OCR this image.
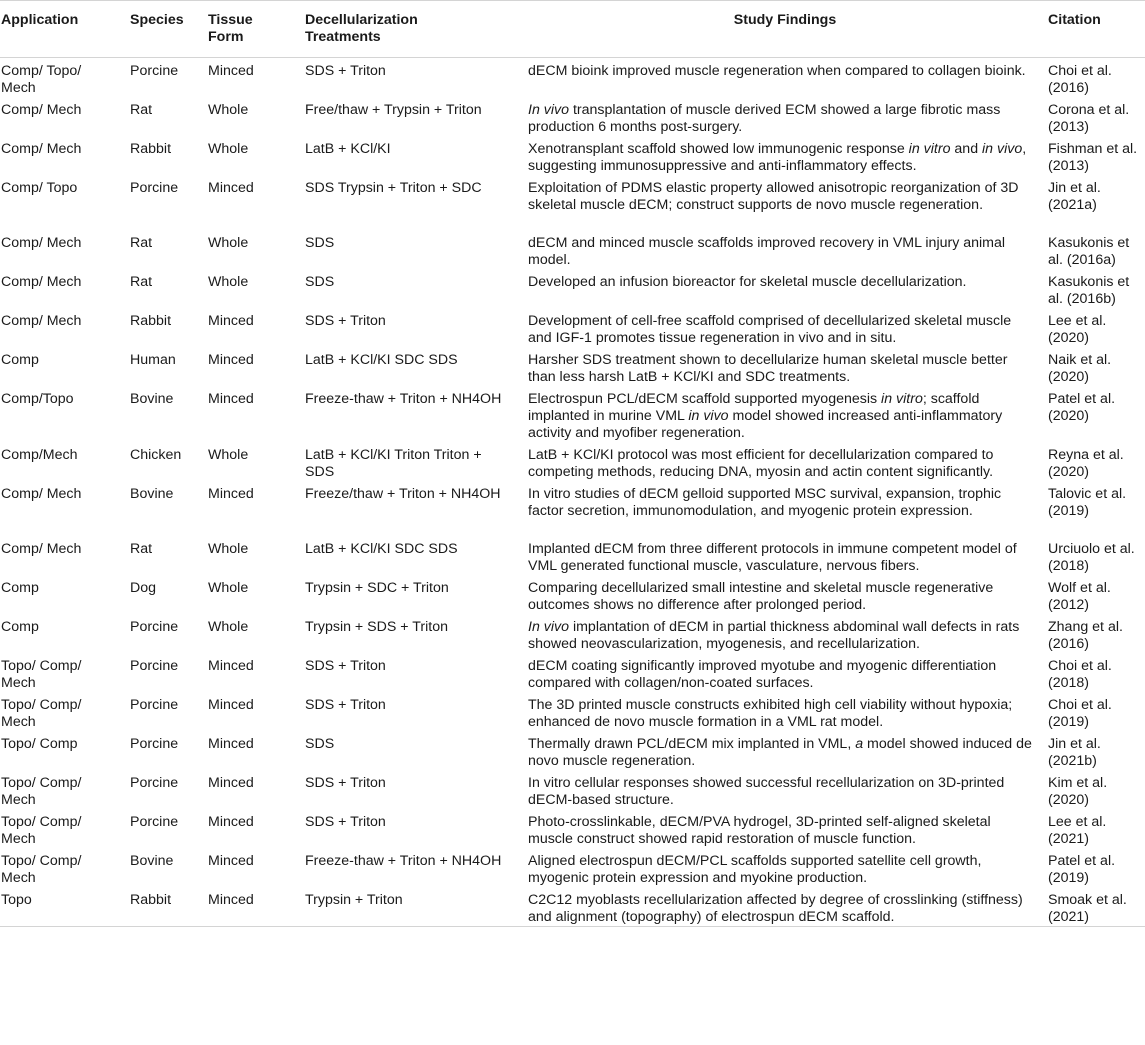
Application	Species	Tissue Form	Decellularization Treatments	Study Findings	Citation
Comp/ Topo/ Mech	Porcine	Minced	SDS + Triton	dECM bioink improved muscle regeneration when compared to collagen bioink.	Choi et al. (2016)
Comp/ Mech	Rat	Whole	Free/thaw + Trypsin + Triton	In vivo transplantation of muscle derived ECM showed a large fibrotic mass production 6 months post-surgery.	Corona et al. (2013)
Comp/ Mech	Rabbit	Whole	LatB + KCl/KI	Xenotransplant scaffold showed low immunogenic response in vitro and in vivo, suggesting immunosuppressive and anti-inflammatory effects.	Fishman et al. (2013)
Comp/ Topo	Porcine	Minced	SDS Trypsin + Triton + SDC	Exploitation of PDMS elastic property allowed anisotropic reorganization of 3D skeletal muscle dECM; construct supports de novo muscle regeneration.	Jin et al. (2021a)
Comp/ Mech	Rat	Whole	SDS	dECM and minced muscle scaffolds improved recovery in VML injury animal model.	Kasukonis et al. (2016a)
Comp/ Mech	Rat	Whole	SDS	Developed an infusion bioreactor for skeletal muscle decellularization.	Kasukonis et al. (2016b)
Comp/ Mech	Rabbit	Minced	SDS + Triton	Development of cell-free scaffold comprised of decellularized skeletal muscle and IGF-1 promotes tissue regeneration in vivo and in situ.	Lee et al. (2020)
Comp	Human	Minced	LatB + KCl/KI SDC SDS	Harsher SDS treatment shown to decellularize human skeletal muscle better than less harsh LatB + KCl/KI and SDC treatments.	Naik et al. (2020)
Comp/Topo	Bovine	Minced	Freeze-thaw + Triton + NH4OH	Electrospun PCL/dECM scaffold supported myogenesis in vitro; scaffold implanted in murine VML in vivo model showed increased anti-inflammatory activity and myofiber regeneration.	Patel et al. (2020)
Comp/Mech	Chicken	Whole	LatB + KCl/KI Triton Triton + SDS	LatB + KCl/KI protocol was most efficient for decellularization compared to competing methods, reducing DNA, myosin and actin content significantly.	Reyna et al. (2020)
Comp/ Mech	Bovine	Minced	Freeze/thaw + Triton + NH4OH	In vitro studies of dECM gelloid supported MSC survival, expansion, trophic factor secretion, immunomodulation, and myogenic protein expression.	Talovic et al. (2019)
Comp/ Mech	Rat	Whole	LatB + KCl/KI SDC SDS	Implanted dECM from three different protocols in immune competent model of VML generated functional muscle, vasculature, nervous fibers.	Urciuolo et al. (2018)
Comp	Dog	Whole	Trypsin + SDC + Triton	Comparing decellularized small intestine and skeletal muscle regenerative outcomes shows no difference after prolonged period.	Wolf et al. (2012)
Comp	Porcine	Whole	Trypsin + SDS + Triton	In vivo implantation of dECM in partial thickness abdominal wall defects in rats showed neovascularization, myogenesis, and recellularization.	Zhang et al. (2016)
Topo/ Comp/ Mech	Porcine	Minced	SDS + Triton	dECM coating significantly improved myotube and myogenic differentiation compared with collagen/non-coated surfaces.	Choi et al. (2018)
Topo/ Comp/ Mech	Porcine	Minced	SDS + Triton	The 3D printed muscle constructs exhibited high cell viability without hypoxia; enhanced de novo muscle formation in a VML rat model.	Choi et al. (2019)
Topo/ Comp	Porcine	Minced	SDS	Thermally drawn PCL/dECM mix implanted in VML, a model showed induced de novo muscle regeneration.	Jin et al. (2021b)
Topo/ Comp/ Mech	Porcine	Minced	SDS + Triton	In vitro cellular responses showed successful recellularization on 3D-printed dECM-based structure.	Kim et al. (2020)
Topo/ Comp/ Mech	Porcine	Minced	SDS + Triton	Photo-crosslinkable, dECM/PVA hydrogel, 3D-printed self-aligned skeletal muscle construct showed rapid restoration of muscle function.	Lee et al. (2021)
Topo/ Comp/ Mech	Bovine	Minced	Freeze-thaw + Triton + NH4OH	Aligned electrospun dECM/PCL scaffolds supported satellite cell growth, myogenic protein expression and myokine production.	Patel et al. (2019)
Topo	Rabbit	Minced	Trypsin + Triton	C2C12 myoblasts recellularization affected by degree of crosslinking (stiffness) and alignment (topography) of electrospun dECM scaffold.	Smoak et al. (2021)
